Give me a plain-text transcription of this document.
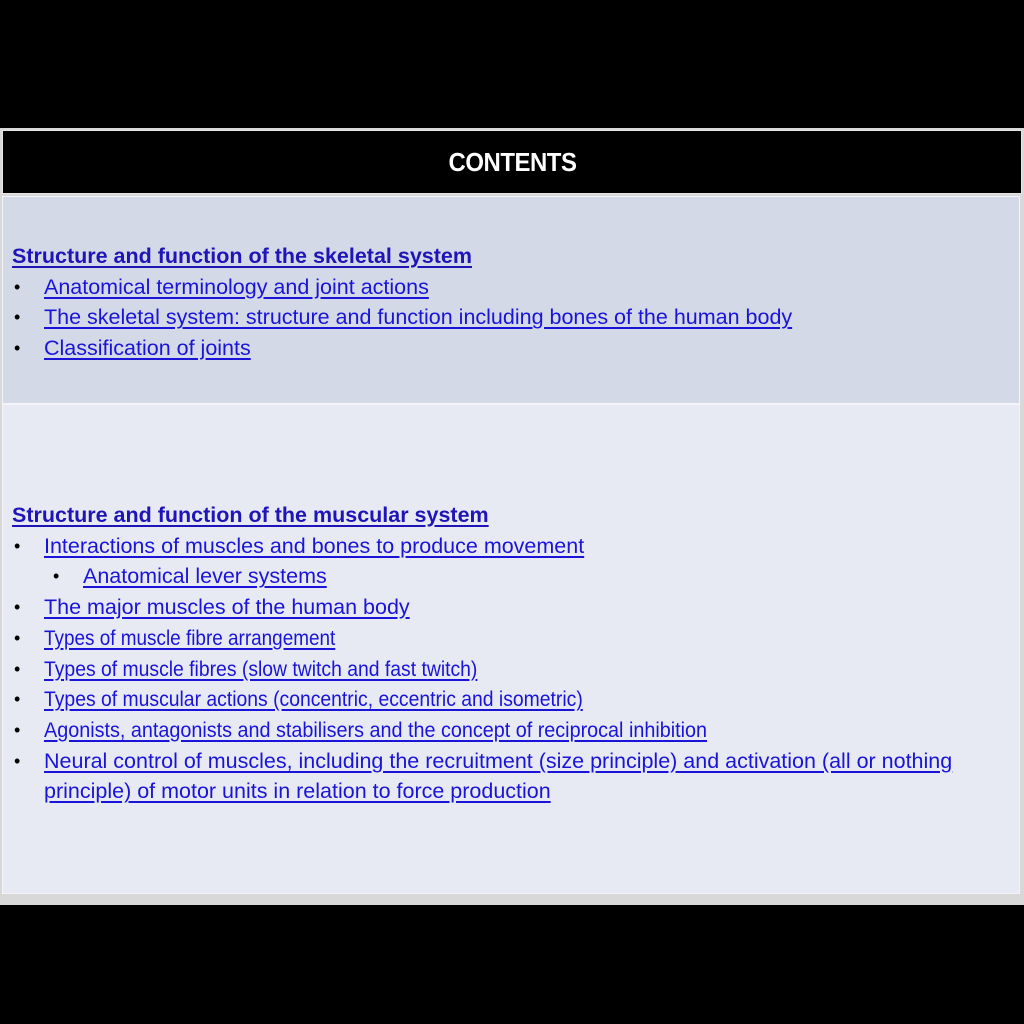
CONTENTS
Structure and function of the skeletal system
• Anatomical terminology and joint actions
• The skeletal system: structure and function including bones of the human body
• Classification of joints
Structure and function of the muscular system
• Interactions of muscles and bones to produce movement
• Anatomical lever systems
• The major muscles of the human body
• Types of muscle fibre arrangement
• Types of muscle fibres (slow twitch and fast twitch)
• Types of muscular actions (concentric, eccentric and isometric)
• Agonists, antagonists and stabilisers and the concept of reciprocal inhibition
• Neural control of muscles, including the recruitment (size principle) and activation (all or nothing principle) of motor units in relation to force production
